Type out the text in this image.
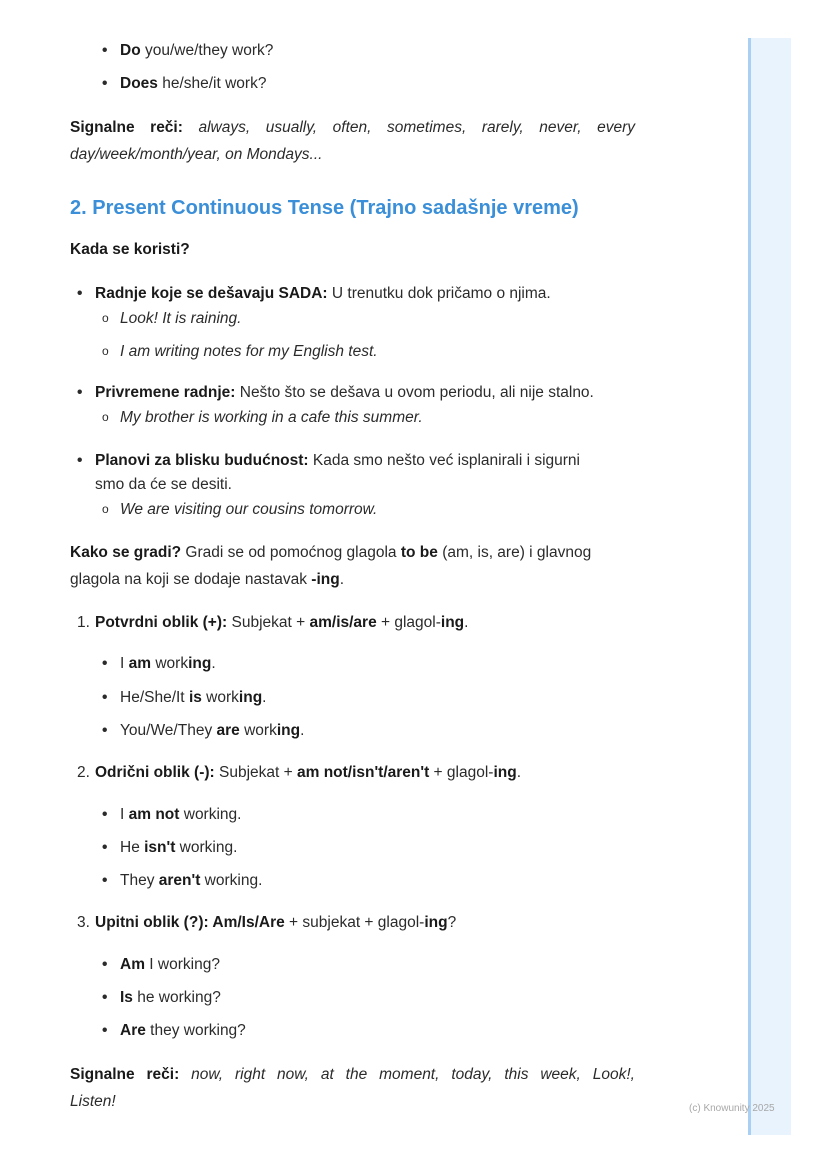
(c) Knowunity 2025
• Do you/we/they work?
• Does he/she/it work?
Signalne reči: always, usually, often, sometimes, rarely, never, every
day/week/month/year, on Mondays...
2. Present Continuous Tense (Trajno sadašnje vreme)
Kada se koristi?
• Radnje koje se dešavaju SADA: U trenutku dok pričamo o njima.
o Look! It is raining.
o I am writing notes for my English test.
• Privremene radnje: Nešto što se dešava u ovom periodu, ali nije stalno.
o My brother is working in a cafe this summer.
• Planovi za blisku budućnost: Kada smo nešto već isplanirali i sigurni
smo da će se desiti.
o We are visiting our cousins tomorrow.
Kako se gradi? Gradi se od pomoćnog glagola to be (am, is, are) i glavnog
glagola na koji se dodaje nastavak -ing.
1. Potvrdni oblik (+): Subjekat + am/is/are + glagol-ing.
• I am working.
• He/She/It is working.
• You/We/They are working.
2. Odrični oblik (-): Subjekat + am not/isn't/aren't + glagol-ing.
• I am not working.
• He isn't working.
• They aren't working.
3. Upitni oblik (?): Am/Is/Are + subjekat + glagol-ing?
• Am I working?
• Is he working?
• Are they working?
Signalne reči: now, right now, at the moment, today, this week, Look!,
Listen!
